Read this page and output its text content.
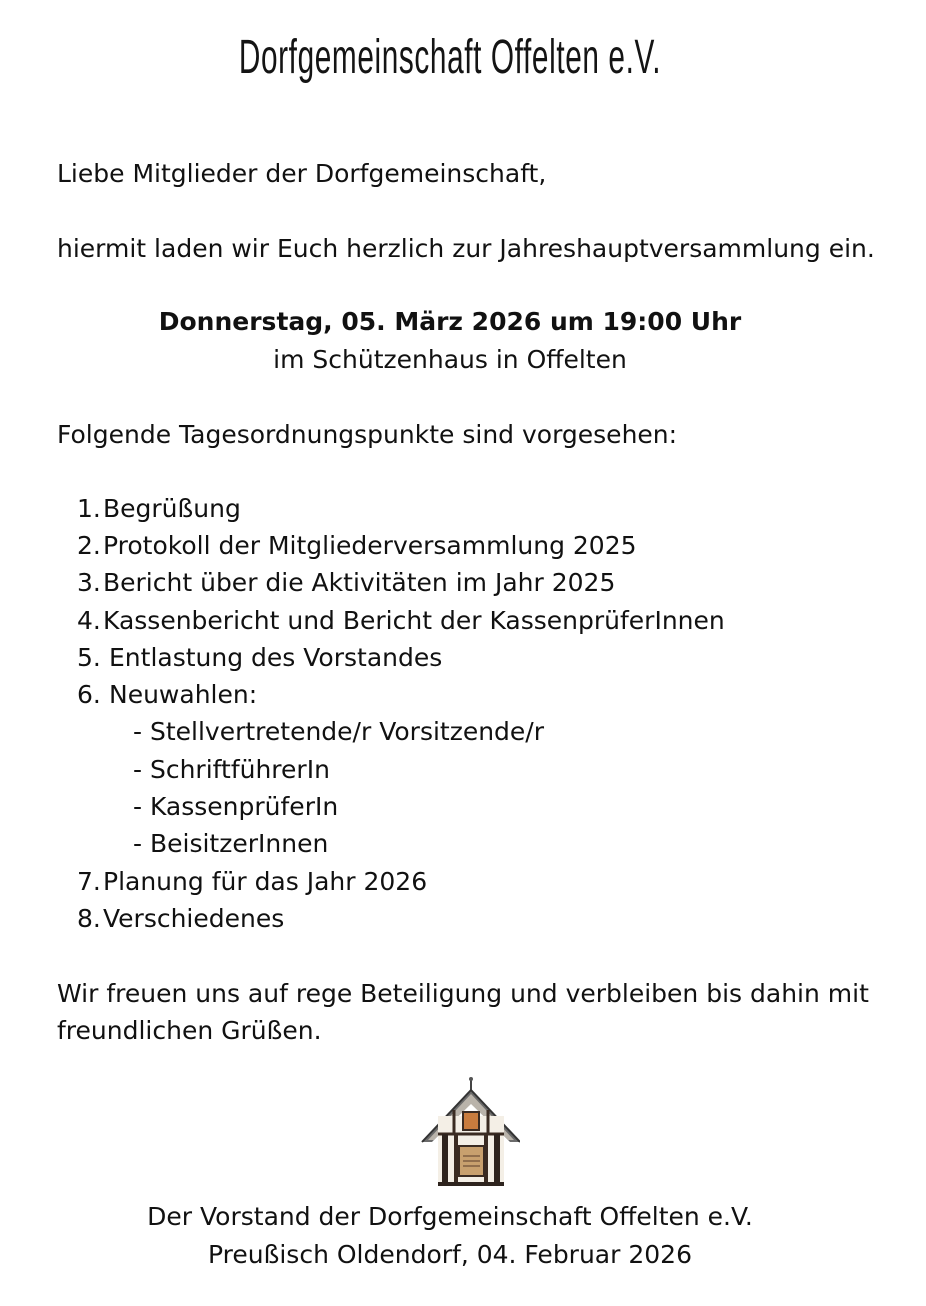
Dorfgemeinschaft Offelten e.V.
Liebe Mitglieder der Dorfgemeinschaft,
hiermit laden wir Euch herzlich zur Jahreshauptversammlung ein.
Donnerstag, 05. März 2026 um 19:00 Uhr
im Schützenhaus in Offelten
Folgende Tagesordnungspunkte sind vorgesehen:
1. Begrüßung
2. Protokoll der Mitgliederversammlung 2025
3. Bericht über die Aktivitäten im Jahr 2025
4. Kassenbericht und Bericht der KassenprüferInnen
5. Entlastung des Vorstandes
6. Neuwahlen:
- Stellvertretende/r Vorsitzende/r
- SchriftführerIn
- KassenprüferIn
- BeisitzerInnen
7. Planung für das Jahr 2026
8. Verschiedenes
Wir freuen uns auf rege Beteiligung und verbleiben bis dahin mit
freundlichen Grüßen.
Der Vorstand der Dorfgemeinschaft Offelten e.V.
Preußisch Oldendorf, 04. Februar 2026
